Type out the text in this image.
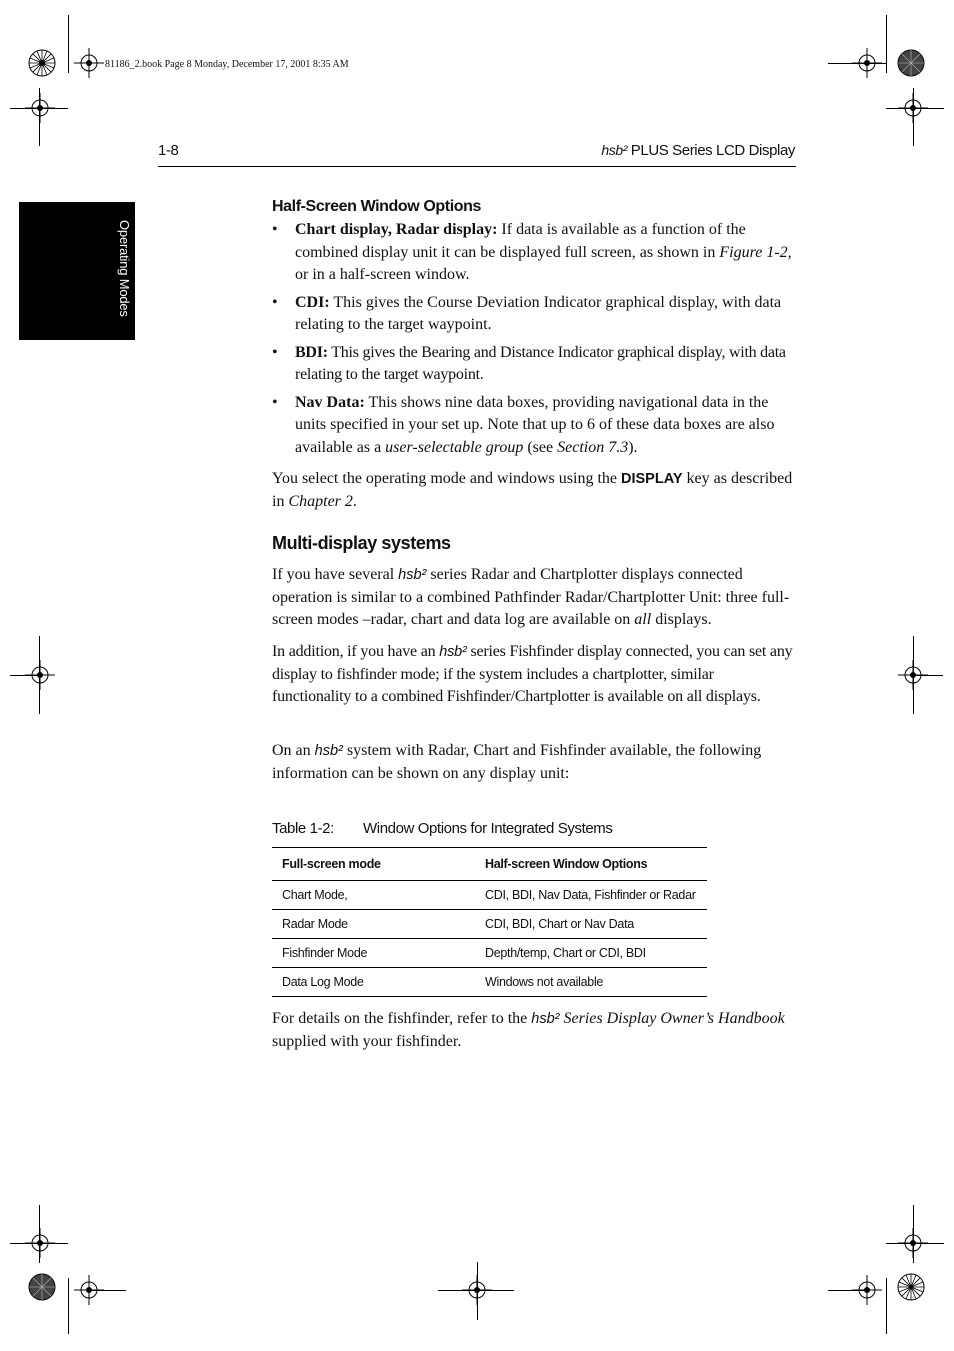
81186_2.book Page 8 Monday, December 17, 2001 8:35 AM
1-8	hsb² PLUS Series LCD Display
Operating Modes
Half-Screen Window Options
• Chart display, Radar display: If data is available as a function of the combined display unit it can be displayed full screen, as shown in Figure 1-2, or in a half-screen window.
• CDI: This gives the Course Deviation Indicator graphical display, with data relating to the target waypoint.
• BDI: This gives the Bearing and Distance Indicator graphical display, with data relating to the target waypoint.
• Nav Data: This shows nine data boxes, providing navigational data in the units specified in your set up. Note that up to 6 of these data boxes are also available as a user-selectable group (see Section 7.3).

You select the operating mode and windows using the DISPLAY key as described in Chapter 2.

Multi-display systems

If you have several hsb² series Radar and Chartplotter displays connected operation is similar to a combined Pathfinder Radar/Chartplotter Unit: three full-screen modes –radar, chart and data log are available on all displays.

In addition, if you have an hsb² series Fishfinder display connected, you can set any display to fishfinder mode; if the system includes a chartplotter, similar functionality to a combined Fishfinder/Chartplotter is available on all displays.

On an hsb² system with Radar, Chart and Fishfinder available, the following information can be shown on any display unit:

Table 1-2: Window Options for Integrated Systems
Full-screen mode	Half-screen Window Options
Chart Mode,	CDI, BDI, Nav Data, Fishfinder or Radar
Radar Mode	CDI, BDI, Chart or Nav Data
Fishfinder Mode	Depth/temp, Chart or CDI, BDI
Data Log Mode	Windows not available

For details on the fishfinder, refer to the hsb² Series Display Owner’s Handbook supplied with your fishfinder.
